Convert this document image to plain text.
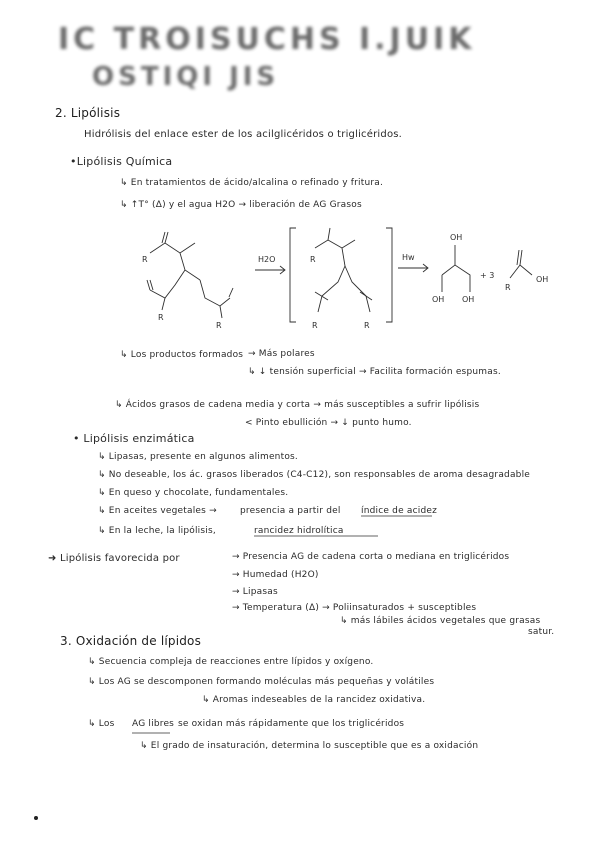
IC TROISUCHS I.JUIK
OSTIQI JIS
2. Lipólisis
Hidrólisis del enlace ester de los acilglicéridos o triglicéridos.
•Lipólisis Química
↳ En tratamientos de ácido/alcalina o refinado y fritura.
↳ ↑T° (Δ) y el agua H2O → liberación de AG Grasos
R
R
R
H2O	R
R	R
Hw
OH
OH OH
+ 3
R
OH
↳ Los productos formados → Más polares
↳ ↓ tensión superficial → Facilita formación espumas.
↳ Ácidos grasos de cadena media y corta → más susceptibles a sufrir lipólisis
< Pinto ebullición → ↓ punto humo.
• Lipólisis enzimática
↳ Lipasas, presente en algunos alimentos.
↳ No deseable, los ác. grasos liberados (C4-C12), son responsables de aroma desagradable
↳ En queso y chocolate, fundamentales.
↳ En aceites vegetales →	presencia a partir del índice de acidez
↳ En la leche, la lipólisis,	rancidez hidrolítica
➜ Lipólisis favorecida por	→ Presencia AG de cadena corta o mediana en triglicéridos
→ Humedad (H2O)
→ Lipasas
→ Temperatura (Δ) → Poliinsaturados + susceptibles
↳ más lábiles ácidos vegetales que grasas
satur.
3. Oxidación de lípidos
↳ Secuencia compleja de reacciones entre lípidos y oxígeno.
↳ Los AG se descomponen formando moléculas más pequeñas y volátiles
↳ Aromas indeseables de la rancidez oxidativa.
↳ Los AG libres se oxidan más rápidamente que los triglicéridos
↳ El grado de insaturación, determina lo susceptible que es a oxidación
